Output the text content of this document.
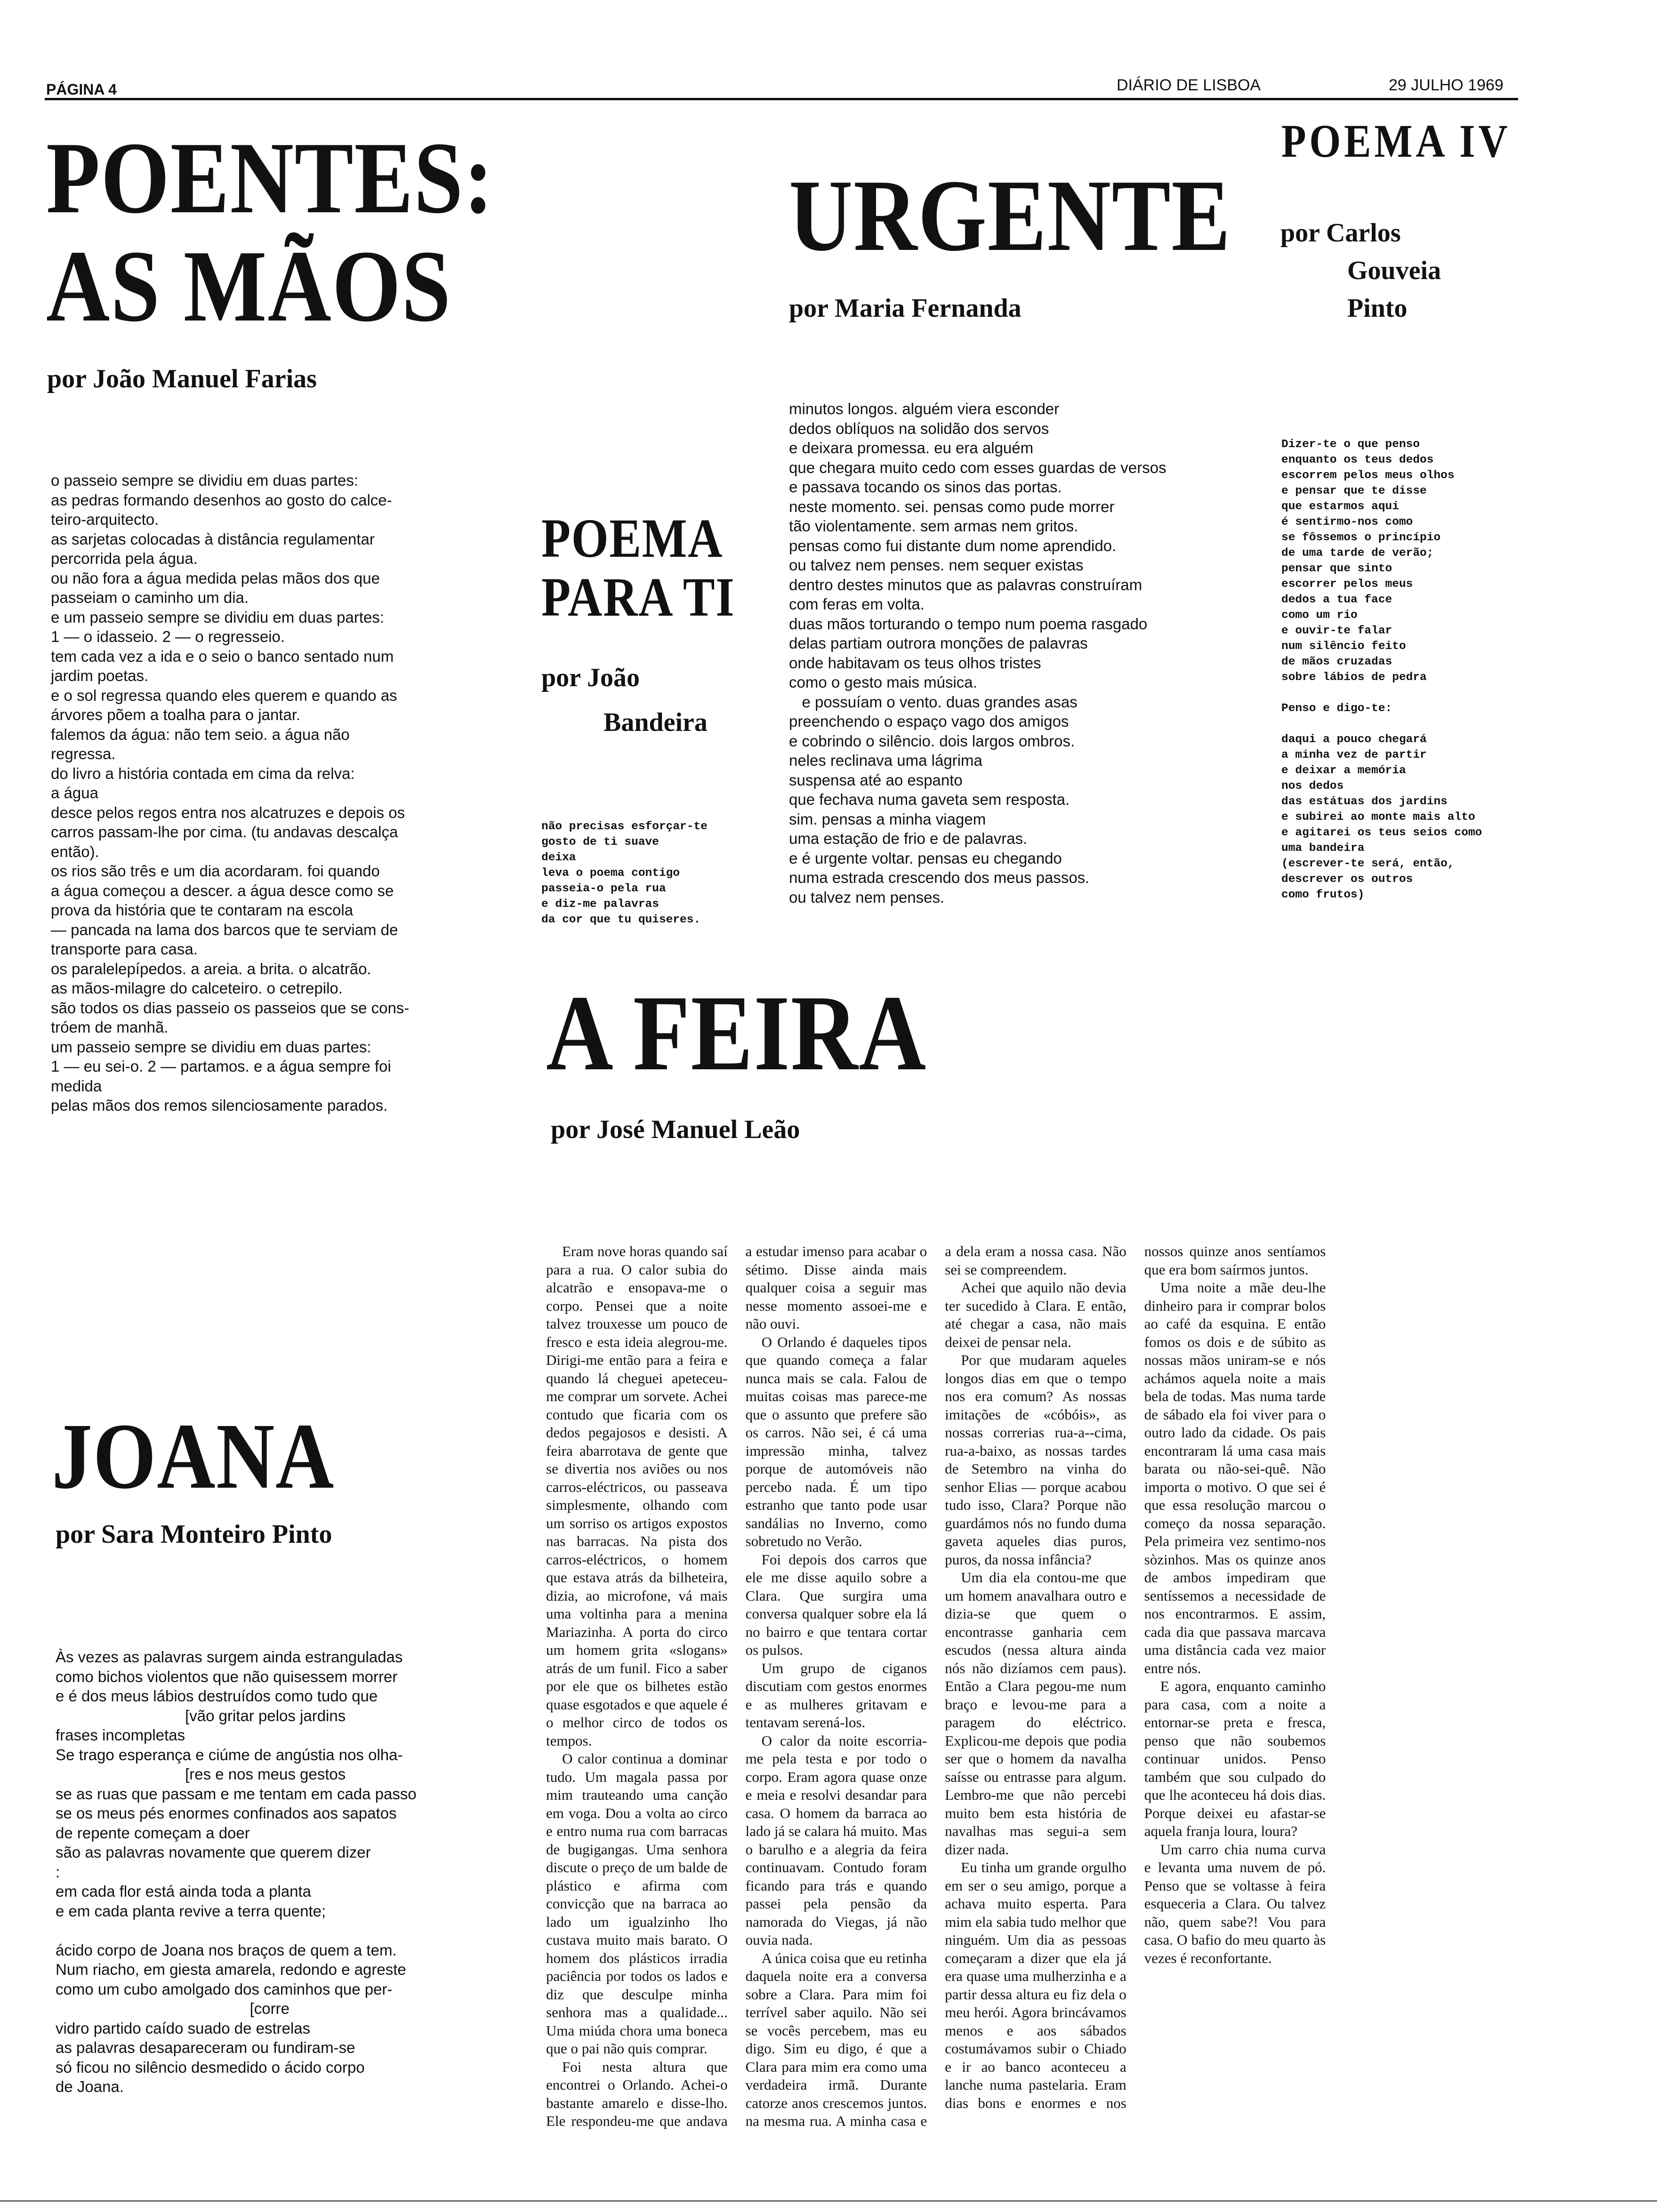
PÁGINA 4	DIÁRIO DE LISBOA	29 JULHO 1969
POENTES:
AS MÃOS
por João Manuel Farias
o passeio sempre se dividiu em duas partes:
as pedras formando desenhos ao gosto do calce-
teiro-arquitecto.
as sarjetas colocadas à distância regulamentar
percorrida pela água.
ou não fora a água medida pelas mãos dos que
passeiam o caminho um dia.
e um passeio sempre se dividiu em duas partes:
1 — o idasseio. 2 — o regresseio.
tem cada vez a ida e o seio o banco sentado num
jardim poetas.
e o sol regressa quando eles querem e quando as
árvores põem a toalha para o jantar.
falemos da água: não tem seio. a água não
regressa.
do livro a história contada em cima da relva:
a água
desce pelos regos entra nos alcatruzes e depois os
carros passam-lhe por cima. (tu andavas descalça
então).
os rios são três e um dia acordaram. foi quando
a água começou a descer. a água desce como se
prova da história que te contaram na escola
— pancada na lama dos barcos que te serviam de
transporte para casa.
os paralelepípedos. a areia. a brita. o alcatrão.
as mãos-milagre do calceteiro. o cetrepilo.
são todos os dias passeio os passeios que se cons-
tróem de manhã.
um passeio sempre se dividiu em duas partes:
1 — eu sei-o. 2 — partamos. e a água sempre foi
medida
pelas mãos dos remos silenciosamente parados.
POEMA
PARA TI
por João
Bandeira
não precisas esforçar-te
gosto de ti suave
deixa
leva o poema contigo
passeia-o pela rua
e diz-me palavras
da cor que tu quiseres.
URGENTE
por Maria Fernanda
minutos longos. alguém viera esconder
dedos oblíquos na solidão dos servos
e deixara promessa. eu era alguém
que chegara muito cedo com esses guardas de versos
e passava tocando os sinos das portas.
neste momento. sei. pensas como pude morrer
tão violentamente. sem armas nem gritos.
pensas como fui distante dum nome aprendido.
ou talvez nem penses. nem sequer existas
dentro destes minutos que as palavras construíram
com feras em volta.
duas mãos torturando o tempo num poema rasgado
delas partiam outrora monções de palavras
onde habitavam os teus olhos tristes
como o gesto mais música.
e possuíam o vento. duas grandes asas
preenchendo o espaço vago dos amigos
e cobrindo o silêncio. dois largos ombros.
neles reclinava uma lágrima
suspensa até ao espanto
que fechava numa gaveta sem resposta.
sim. pensas a minha viagem
uma estação de frio e de palavras.
e é urgente voltar. pensas eu chegando
numa estrada crescendo dos meus passos.
ou talvez nem penses.
POEMA IV
por Carlos
Gouveia
Pinto
Dizer-te o que penso
enquanto os teus dedos
escorrem pelos meus olhos
e pensar que te disse
que estarmos aqui
é sentirmo-nos como
se fôssemos o princípio
de uma tarde de verão;
pensar que sinto
escorrer pelos meus
dedos a tua face
como um rio
e ouvir-te falar
num silêncio feito
de mãos cruzadas
sobre lábios de pedra

Penso e digo-te:

daqui a pouco chegará
a minha vez de partir
e deixar a memória
nos dedos
das estátuas dos jardins
e subirei ao monte mais alto
e agitarei os teus seios como
uma bandeira
(escrever-te será, então,
descrever os outros
como frutos)
A FEIRA
por José Manuel Leão

Eram nove horas quando saí para a rua. O calor subia do alcatrão e ensopava-me o corpo. Pensei que a noite talvez trouxesse um pouco de fresco e esta ideia alegrou-me. Dirigi-me então para a feira e quando lá cheguei apeteceu-me comprar um sorvete. Achei contudo que ficaria com os dedos pegajosos e desisti. A feira abarrotava de gente que se divertia nos aviões ou nos carros-eléctricos, ou passeava simplesmente, olhando com um sorriso os artigos expostos nas barracas. Na pista dos carros-eléctricos, o homem que estava atrás da bilheteira, dizia, ao microfone, vá mais uma voltinha para a menina Mariazinha. A porta do circo um homem grita «slogans» atrás de um funil. Fico a saber por ele que os bilhetes estão quase esgotados e que aquele é o melhor circo de todos os tempos.

O calor continua a dominar tudo. Um magala passa por mim trauteando uma canção em voga. Dou a volta ao circo e entro numa rua com barracas de bugigangas. Uma senhora discute o preço de um balde de plástico e afirma com convicção que na barraca ao lado um igualzinho lho custava muito mais barato. O homem dos plásticos irradia paciência por todos os lados e diz que desculpe minha senhora mas a qualidade... Uma miúda chora uma boneca que o pai não quis comprar.

Foi nesta altura que encontrei o Orlando. Achei-o bastante amarelo e disse-lho. Ele respondeu-me que andava a estudar imenso para acabar o sétimo. Disse ainda mais qualquer coisa a seguir mas nesse momento assoei-me e não ouvi.

O Orlando é daqueles tipos que quando começa a falar nunca mais se cala. Falou de muitas coisas mas parece-me que o assunto que prefere são os carros. Não sei, é cá uma impressão minha, talvez porque de automóveis não percebo nada. É um tipo estranho que tanto pode usar sandálias no Inverno, como sobretudo no Verão.

Foi depois dos carros que ele me disse aquilo sobre a Clara. Que surgira uma conversa qualquer sobre ela lá no bairro e que tentara cortar os pulsos.

Um grupo de ciganos discutiam com gestos enormes e as mulheres gritavam e tentavam serená-los.

O calor da noite escorria-me pela testa e por todo o corpo. Eram agora quase onze e meia e resolvi desandar para casa. O homem da barraca ao lado já se calara há muito. Mas o barulho e a alegria da feira continuavam. Contudo foram ficando para trás e quando passei pela pensão da namorada do Viegas, já não ouvia nada.

A única coisa que eu retinha daquela noite era a conversa sobre a Clara. Para mim foi terrível saber aquilo. Não sei se vocês percebem, mas eu digo. Sim eu digo, é que a Clara para mim era como uma verdadeira irmã. Durante catorze anos crescemos juntos. na mesma rua. A minha casa e a dela eram a nossa casa. Não sei se compreendem.

Achei que aquilo não devia ter sucedido à Clara. E então, até chegar a casa, não mais deixei de pensar nela.

Por que mudaram aqueles longos dias em que o tempo nos era comum? As nossas imitações de «cóbóis», as nossas correrias rua-a--cima, rua-a-baixo, as nossas tardes de Setembro na vinha do senhor Elias — porque acabou tudo isso, Clara? Porque não guardámos nós no fundo duma gaveta aqueles dias puros, puros, da nossa infância?

Um dia ela contou-me que um homem anavalhara outro e dizia-se que quem o encontrasse ganharia cem escudos (nessa altura ainda nós não dizíamos cem paus). Então a Clara pegou-me num braço e levou-me para a paragem do eléctrico. Explicou-me depois que podia ser que o homem da navalha saísse ou entrasse para algum. Lembro-me que não percebi muito bem esta história de navalhas mas segui-a sem dizer nada.

Eu tinha um grande orgulho em ser o seu amigo, porque a achava muito esperta. Para mim ela sabia tudo melhor que ninguém. Um dia as pessoas começaram a dizer que ela já era quase uma mulherzinha e a partir dessa altura eu fiz dela o meu herói. Agora brincávamos menos e aos sábados costumávamos subir o Chiado e ir ao banco aconteceu a lanche numa pastelaria. Eram dias bons e enormes e nos nossos quinze anos sentíamos que era bom saírmos juntos.

Uma noite a mãe deu-lhe dinheiro para ir comprar bolos ao café da esquina. E então fomos os dois e de súbito as nossas mãos uniram-se e nós achámos aquela noite a mais bela de todas. Mas numa tarde de sábado ela foi viver para o outro lado da cidade. Os pais encontraram lá uma casa mais barata ou não-sei-quê. Não importa o motivo. O que sei é que essa resolução marcou o começo da nossa separação. Pela primeira vez sentimo-nos sòzinhos. Mas os quinze anos de ambos impediram que sentíssemos a necessidade de nos encontrarmos. E assim, cada dia que passava marcava uma distância cada vez maior entre nós.

E agora, enquanto caminho para casa, com a noite a entornar-se preta e fresca, penso que não soubemos continuar unidos. Penso também que sou culpado do que lhe aconteceu há dois dias. Porque deixei eu afastar-se aquela franja loura, loura?

Um carro chia numa curva e levanta uma nuvem de pó. Penso que se voltasse à feira esqueceria a Clara. Ou talvez não, quem sabe?! Vou para casa. O bafio do meu quarto às vezes é reconfortante.

JOANA
por Sara Monteiro Pinto
Às vezes as palavras surgem ainda estranguladas
como bichos violentos que não quisessem morrer
e é dos meus lábios destruídos como tudo que
[vão gritar pelos jardins
frases incompletas
Se trago esperança e ciúme de angústia nos olha-
[res e nos meus gestos
se as ruas que passam e me tentam em cada passo
se os meus pés enormes confinados aos sapatos
de repente começam a doer
são as palavras novamente que querem dizer
:
em cada flor está ainda toda a planta
e em cada planta revive a terra quente;

ácido corpo de Joana nos braços de quem a tem.
Num riacho, em giesta amarela, redondo e agreste
como um cubo amolgado dos caminhos que per-
[corre
vidro partido caído suado de estrelas
as palavras desapareceram ou fundiram-se
só ficou no silêncio desmedido o ácido corpo
de Joana.
